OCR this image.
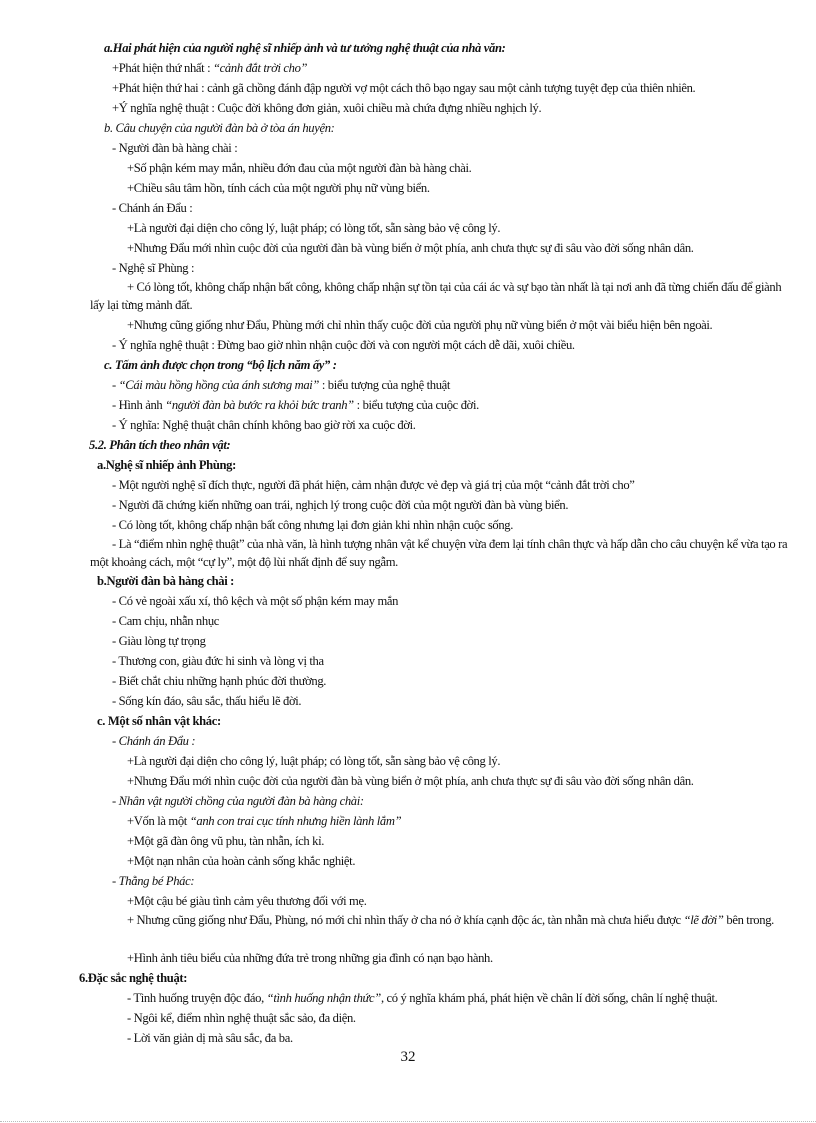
a.Hai phát hiện của người nghệ sĩ nhiếp ảnh và tư tưởng nghệ thuật của nhà văn:
+Phát hiện thứ nhất : “cảnh đắt trời cho”
+Phát hiện thứ hai : cảnh gã chồng đánh đập người vợ một cách thô bạo ngay sau một cảnh tượng tuyệt đẹp của thiên nhiên.
+Ý nghĩa nghệ thuật : Cuộc đời không đơn giản, xuôi chiều mà chứa đựng nhiều nghịch lý.
b. Câu chuyện của người đàn bà ở tòa án huyện:
- Người đàn bà hàng chài :
+Số phận kém may mắn, nhiều đớn đau của một người đàn bà hàng chài.
+Chiều sâu tâm hồn, tính cách của một người phụ nữ vùng biển.
- Chánh án Đẩu :
+Là người đại diện cho công lý, luật pháp; có lòng tốt, sẵn sàng bảo vệ công lý.
+Nhưng Đẩu mới nhìn cuộc đời của người đàn bà vùng biển ở một phía, anh chưa thực sự đi sâu vào đời sống nhân dân.
- Nghệ sĩ Phùng :
+ Có lòng tốt, không chấp nhận bất công, không chấp nhận sự tồn tại của cái ác và sự bạo tàn nhất là tại nơi anh đã từng chiến đấu để giành lấy lại từng mảnh đất.
+Nhưng cũng giống như Đẩu, Phùng mới chỉ nhìn thấy cuộc đời của người phụ nữ vùng biển ở một vài biểu hiện bên ngoài.
- Ý nghĩa nghệ thuật : Đừng bao giờ nhìn nhận cuộc đời và con người một cách dễ dãi, xuôi chiều.
c. Tấm ảnh được chọn trong “bộ lịch năm ấy” :
- “Cái màu hồng hồng của ánh sương mai” : biểu tượng của nghệ thuật
- Hình ảnh “người đàn bà bước ra khỏi bức tranh” : biểu tượng của cuộc đời.
- Ý nghĩa: Nghệ thuật chân chính không bao giờ rời xa cuộc đời.
5.2. Phân tích theo nhân vật:
a.Nghệ sĩ nhiếp ảnh Phùng:
- Một người nghệ sĩ đích thực, người đã phát hiện, cảm nhận được vẻ đẹp và giá trị của một “cảnh đắt trời cho”
- Người đã chứng kiến những oan trái, nghịch lý trong cuộc đời của một người đàn bà vùng biển.
- Có lòng tốt, không chấp nhận bất công nhưng lại đơn giản khi nhìn nhận cuộc sống.
- Là “điểm nhìn nghệ thuật” của nhà văn, là hình tượng nhân vật kể chuyện vừa đem lại tính chân thực và hấp dẫn cho câu chuyện kể vừa tạo ra một khoảng cách, một “cự ly”, một độ lùi nhất định để suy ngẫm.
b.Người đàn bà hàng chài :
- Có vẻ ngoài xấu xí, thô kệch và một số phận kém may mắn
- Cam chịu, nhẫn nhục
- Giàu lòng tự trọng
- Thương con, giàu đức hi sinh và lòng vị tha
- Biết chắt chiu những hạnh phúc đời thường.
- Sống kín đáo, sâu sắc, thấu hiểu lẽ đời.
c. Một số nhân vật khác:
- Chánh án Đẩu :
+Là người đại diện cho công lý, luật pháp; có lòng tốt, sẵn sàng bảo vệ công lý.
+Nhưng Đẩu mới nhìn cuộc đời của người đàn bà vùng biển ở một phía, anh chưa thực sự đi sâu vào đời sống nhân dân.
- Nhân vật người chồng của người đàn bà hàng chài:
+Vốn là một “anh con trai cục tính nhưng hiền lành lắm”
+Một gã đàn ông vũ phu, tàn nhẫn, ích kỉ.
+Một nạn nhân của hoàn cảnh sống khắc nghiệt.
- Thằng bé Phác:
+Một cậu bé giàu tình cảm yêu thương đối với mẹ.
+ Nhưng cũng giống như Đẩu, Phùng, nó mới chỉ nhìn thấy ở cha nó ở khía cạnh độc ác, tàn nhẫn mà chưa hiểu được “lẽ đời” bên trong.
+Hình ảnh tiêu biểu của những đứa trẻ trong những gia đình có nạn bạo hành.
6.Đặc sắc nghệ thuật:
- Tình huống truyện độc đáo, “tình huống nhận thức”, có ý nghĩa khám phá, phát hiện về chân lí đời sống, chân lí nghệ thuật.
- Ngôi kể, điểm nhìn nghệ thuật sắc sảo, đa diện.
- Lời văn giản dị mà sâu sắc, đa ba.
32
